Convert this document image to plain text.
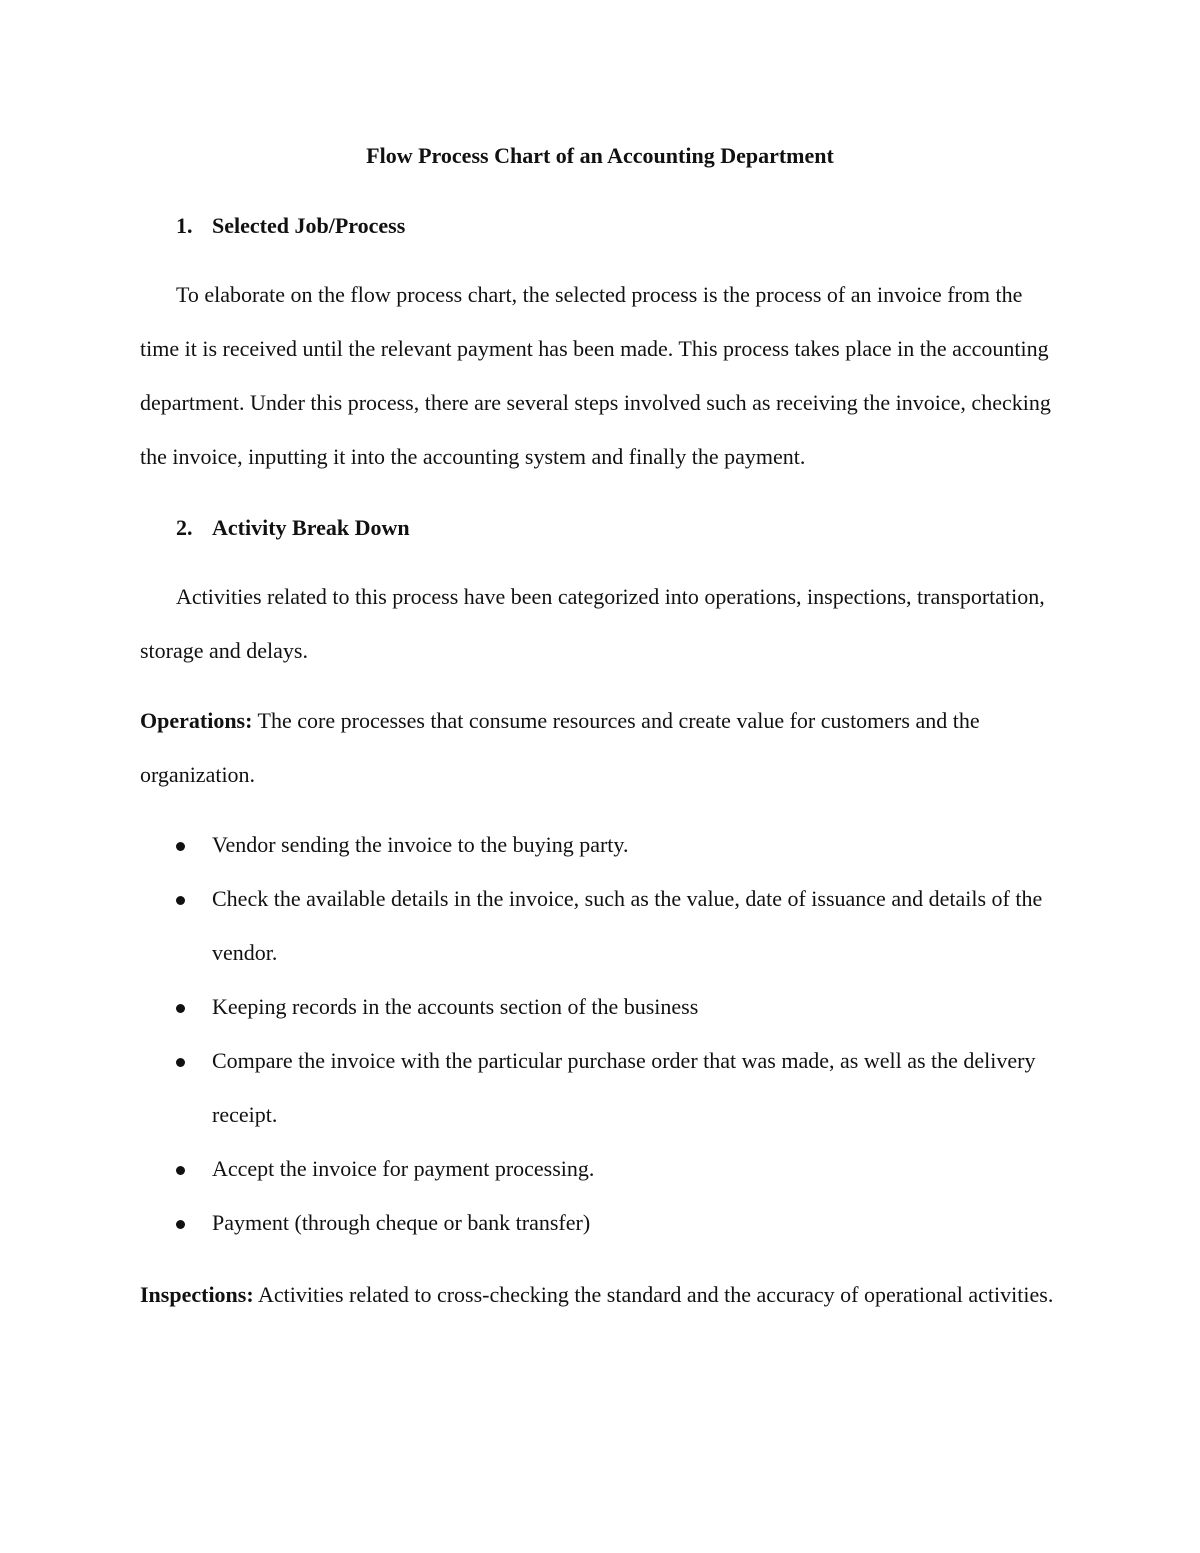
Flow Process Chart of an Accounting Department
1. Selected Job/Process

To elaborate on the flow process chart, the selected process is the process of an invoice from the time it is received until the relevant payment has been made. This process takes place in the accounting department. Under this process, there are several steps involved such as receiving the invoice, checking the invoice, inputting it into the accounting system and finally the payment.

2. Activity Break Down

Activities related to this process have been categorized into operations, inspections, transportation, storage and delays.

Operations: The core processes that consume resources and create value for customers and the organization.

Vendor sending the invoice to the buying party.
Check the available details in the invoice, such as the value, date of issuance and details of the vendor.
Keeping records in the accounts section of the business
Compare the invoice with the particular purchase order that was made, as well as the delivery receipt.
Accept the invoice for payment processing.
Payment (through cheque or bank transfer)

Inspections: Activities related to cross-checking the standard and the accuracy of operational activities.
